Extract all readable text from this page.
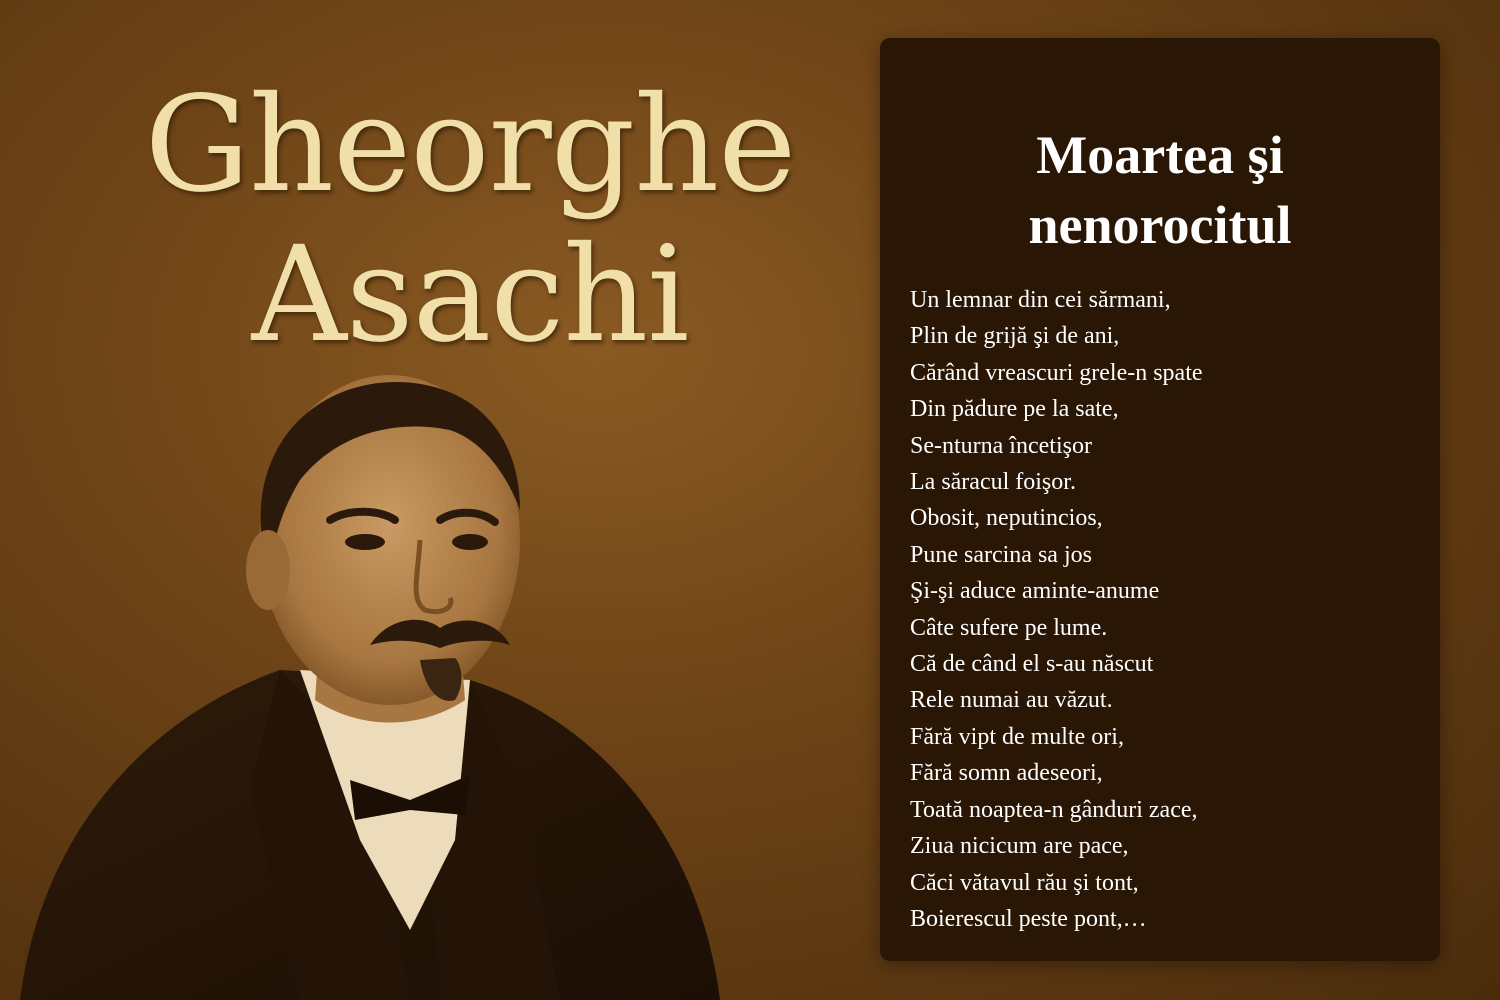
Gheorghe
Asachi
Moartea şi
nenorocitul
Un lemnar din cei sărmani,
Plin de grijă şi de ani,
Cărând vreascuri grele-n spate
Din pădure pe la sate,
Se-nturna încetişor
La săracul foişor.
Obosit, neputincios,
Pune sarcina sa jos
Şi-şi aduce aminte-anume
Câte sufere pe lume.
Că de când el s-au născut
Rele numai au văzut.
Fără vipt de multe ori,
Fără somn adeseori,
Toată noaptea-n gânduri zace,
Ziua nicicum are pace,
Căci vătavul rău şi tont,
Boierescul peste pont,…
